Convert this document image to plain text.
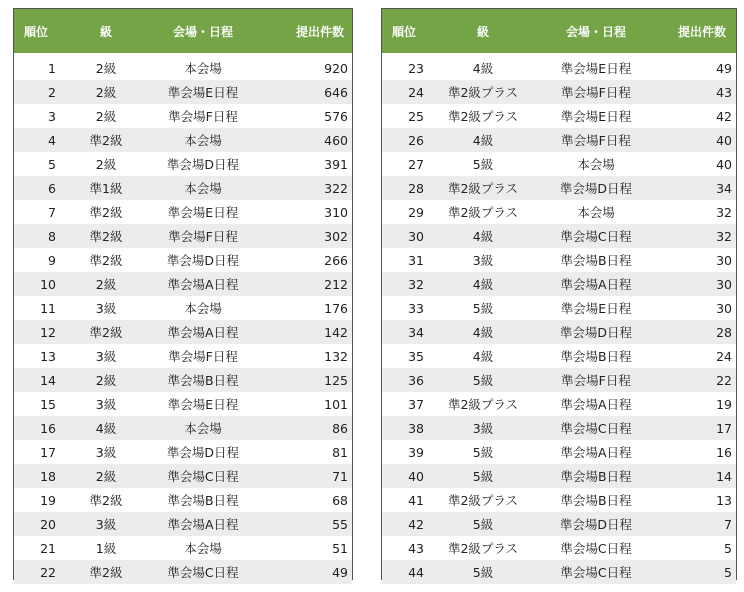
順位	級	会場・日程	提出件数
1	2級	本会場	920
2	2級	準会場E日程	646
3	2級	準会場F日程	576
4	準2級	本会場	460
5	2級	準会場D日程	391
6	準1級	本会場	322
7	準2級	準会場E日程	310
8	準2級	準会場F日程	302
9	準2級	準会場D日程	266
10	2級	準会場A日程	212
11	3級	本会場	176
12	準2級	準会場A日程	142
13	3級	準会場F日程	132
14	2級	準会場B日程	125
15	3級	準会場E日程	101
16	4級	本会場	86
17	3級	準会場D日程	81
18	2級	準会場C日程	71
19	準2級	準会場B日程	68
20	3級	準会場A日程	55
21	1級	本会場	51
22	準2級	準会場C日程	49
順位	級	会場・日程	提出件数
23	4級	準会場E日程	49
24	準2級プラス	準会場F日程	43
25	準2級プラス	準会場E日程	42
26	4級	準会場F日程	40
27	5級	本会場	40
28	準2級プラス	準会場D日程	34
29	準2級プラス	本会場	32
30	4級	準会場C日程	32
31	3級	準会場B日程	30
32	4級	準会場A日程	30
33	5級	準会場E日程	30
34	4級	準会場D日程	28
35	4級	準会場B日程	24
36	5級	準会場F日程	22
37	準2級プラス	準会場A日程	19
38	3級	準会場C日程	17
39	5級	準会場A日程	16
40	5級	準会場B日程	14
41	準2級プラス	準会場B日程	13
42	5級	準会場D日程	7
43	準2級プラス	準会場C日程	5
44	5級	準会場C日程	5
